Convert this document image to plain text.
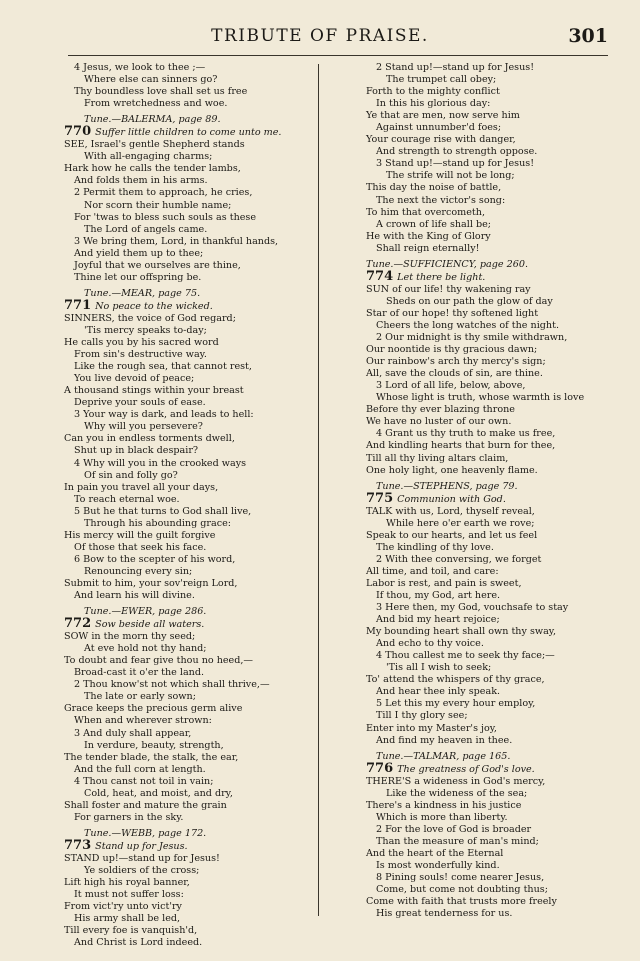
TRIBUTE OF PRAISE.	301
4 Jesus, we look to thee ;—
Where else can sinners go?
Thy boundless love shall set us free
From wretchedness and woe.
Tune.—BALERMA, page 89.
770 Suffer little children to come unto me.
SEE, Israel's gentle Shepherd stands
With all-engaging charms;
Hark how he calls the tender lambs,
And folds them in his arms.
2 Permit them to approach, he cries,
Nor scorn their humble name;
For 'twas to bless such souls as these
The Lord of angels came.
3 We bring them, Lord, in thankful hands,
And yield them up to thee;
Joyful that we ourselves are thine,
Thine let our offspring be.
Tune.—MEAR, page 75.
771 No peace to the wicked.
SINNERS, the voice of God regard;
'Tis mercy speaks to-day;
He calls you by his sacred word
From sin's destructive way.
Like the rough sea, that cannot rest,
You live devoid of peace;
A thousand stings within your breast
Deprive your souls of ease.
3 Your way is dark, and leads to hell:
Why will you persevere?
Can you in endless torments dwell,
Shut up in black despair?
4 Why will you in the crooked ways
Of sin and folly go?
In pain you travel all your days,
To reach eternal woe.
5 But he that turns to God shall live,
Through his abounding grace:
His mercy will the guilt forgive
Of those that seek his face.
6 Bow to the scepter of his word,
Renouncing every sin;
Submit to him, your sov'reign Lord,
And learn his will divine.
Tune.—EWER, page 286.
772 Sow beside all waters.
SOW in the morn thy seed;
At eve hold not thy hand;
To doubt and fear give thou no heed,—
Broad-cast it o'er the land.
2 Thou know'st not which shall thrive,—
The late or early sown;
Grace keeps the precious germ alive
When and wherever strown:
3 And duly shall appear,
In verdure, beauty, strength,
The tender blade, the stalk, the ear,
And the full corn at length.
4 Thou canst not toil in vain;
Cold, heat, and moist, and dry,
Shall foster and mature the grain
For garners in the sky.
Tune.—WEBB, page 172.
773 Stand up for Jesus.
STAND up!—stand up for Jesus!
Ye soldiers of the cross;
Lift high his royal banner,
It must not suffer loss:
From vict'ry unto vict'ry
His army shall be led,
Till every foe is vanquish'd,
And Christ is Lord indeed.
2 Stand up!—stand up for Jesus!
The trumpet call obey;
Forth to the mighty conflict
In this his glorious day:
Ye that are men, now serve him
Against unnumber'd foes;
Your courage rise with danger,
And strength to strength oppose.
3 Stand up!—stand up for Jesus!
The strife will not be long;
This day the noise of battle,
The next the victor's song:
To him that overcometh,
A crown of life shall be;
He with the King of Glory
Shall reign eternally!
Tune.—SUFFICIENCY, page 260.
774 Let there be light.
SUN of our life! thy wakening ray
Sheds on our path the glow of day
Star of our hope! thy softened light
Cheers the long watches of the night.
2 Our midnight is thy smile withdrawn,
Our noontide is thy gracious dawn;
Our rainbow's arch thy mercy's sign;
All, save the clouds of sin, are thine.
3 Lord of all life, below, above,
Whose light is truth, whose warmth is love
Before thy ever blazing throne
We have no luster of our own.
4 Grant us thy truth to make us free,
And kindling hearts that burn for thee,
Till all thy living altars claim,
One holy light, one heavenly flame.
Tune.—STEPHENS, page 79.
775 Communion with God.
TALK with us, Lord, thyself reveal,
While here o'er earth we rove;
Speak to our hearts, and let us feel
The kindling of thy love.
2 With thee conversing, we forget
All time, and toil, and care:
Labor is rest, and pain is sweet,
If thou, my God, art here.
3 Here then, my God, vouchsafe to stay
And bid my heart rejoice;
My bounding heart shall own thy sway,
And echo to thy voice.
4 Thou callest me to seek thy face;—
'Tis all I wish to seek;
To' attend the whispers of thy grace,
And hear thee inly speak.
5 Let this my every hour employ,
Till I thy glory see;
Enter into my Master's joy,
And find my heaven in thee.
Tune.—TALMAR, page 165.
776 The greatness of God's love.
THERE'S a wideness in God's mercy,
Like the wideness of the sea;
There's a kindness in his justice
Which is more than liberty.
2 For the love of God is broader
Than the measure of man's mind;
And the heart of the Eternal
Is most wonderfully kind.
8 Pining souls! come nearer Jesus,
Come, but come not doubting thus;
Come with faith that trusts more freely
His great tenderness for us.
